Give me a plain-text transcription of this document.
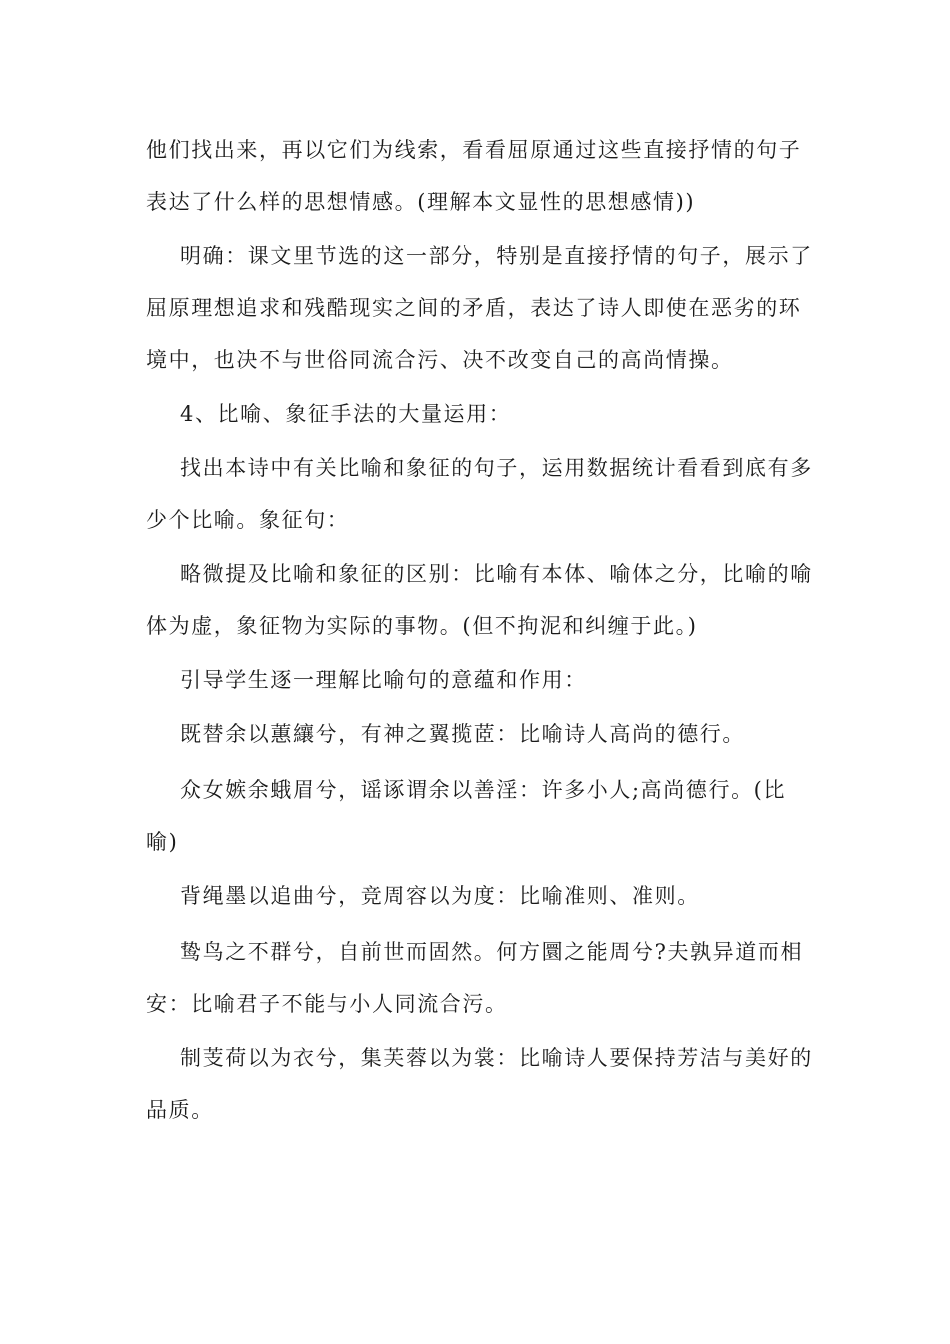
他们找出来，再以它们为线索，看看屈原通过这些直接抒情的句子
表达了什么样的思想情感。(理解本文显性的思想感情))

明确：课文里节选的这一部分，特别是直接抒情的句子，展示了
屈原理想追求和残酷现实之间的矛盾，表达了诗人即使在恶劣的环
境中，也决不与世俗同流合污、决不改变自己的高尚情操。

4、比喻、象征手法的大量运用：

找出本诗中有关比喻和象征的句子，运用数据统计看看到底有多
少个比喻。象征句：

略微提及比喻和象征的区别：比喻有本体、喻体之分，比喻的喻
体为虚，象征物为实际的事物。(但不拘泥和纠缠于此。)

引导学生逐一理解比喻句的意蕴和作用：

既替余以蕙纕兮，有神之翼揽茝：比喻诗人高尚的德行。

众女嫉余蛾眉兮，谣诼谓余以善淫：许多小人;高尚德行。(比
喻)

背绳墨以追曲兮，竞周容以为度：比喻准则、准则。

鸷鸟之不群兮，自前世而固然。何方圜之能周兮?夫孰异道而相
安：比喻君子不能与小人同流合污。

制芰荷以为衣兮，集芙蓉以为裳：比喻诗人要保持芳洁与美好的
品质。
